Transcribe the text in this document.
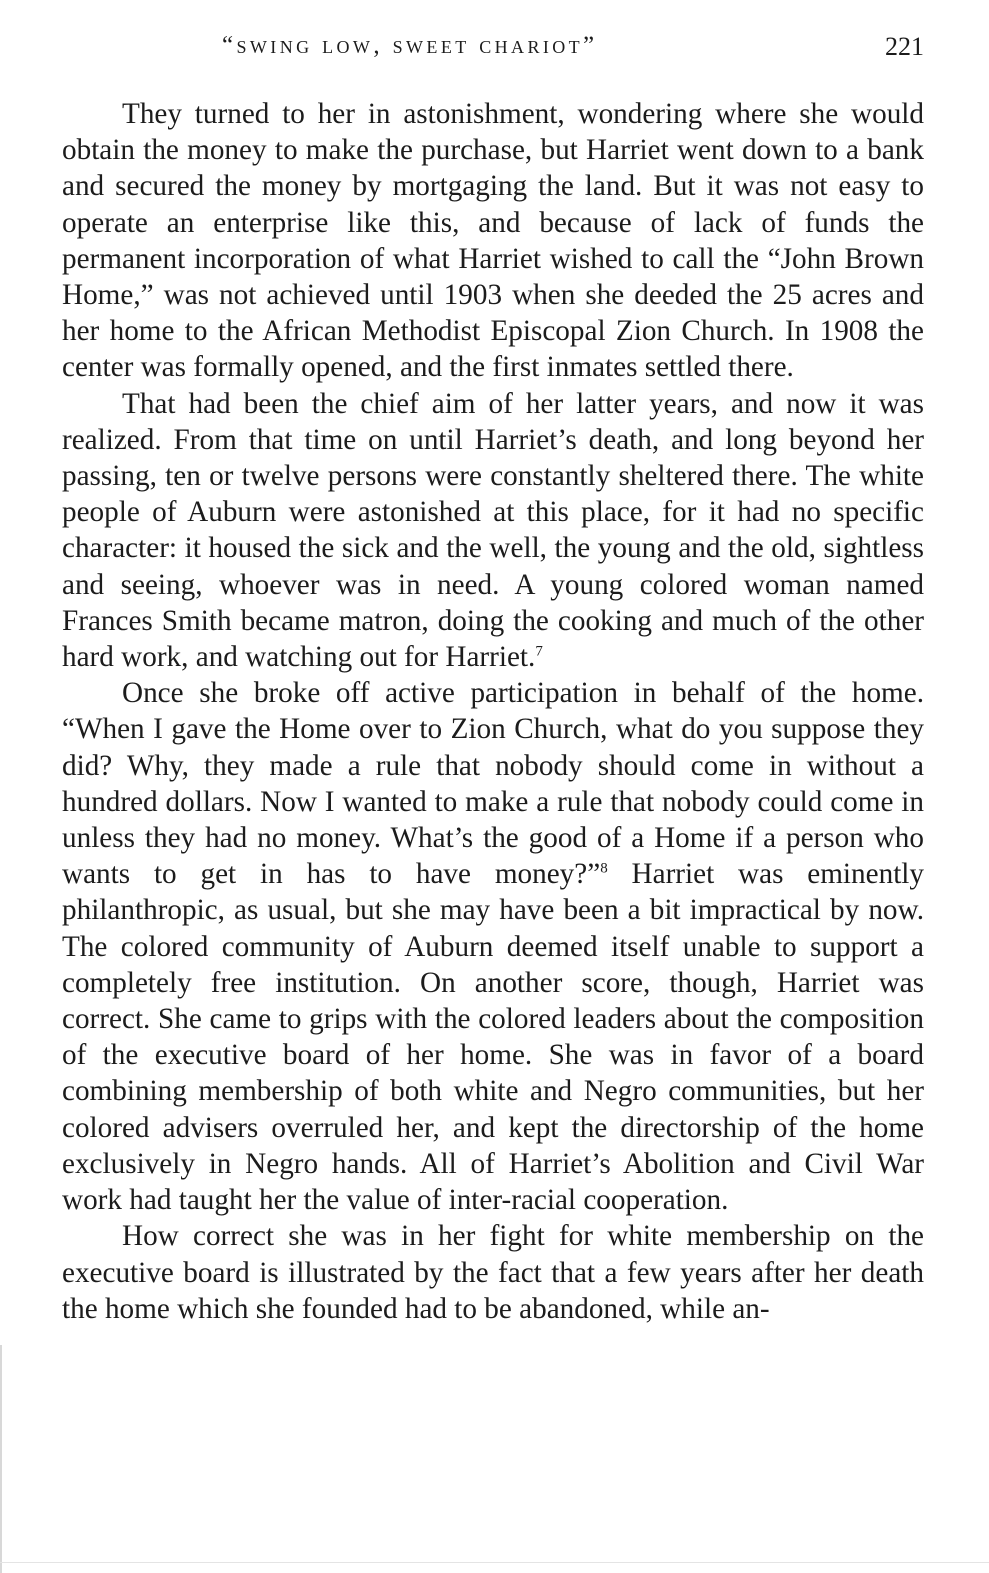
“swing low, sweet chariot”	221

They turned to her in astonishment, wondering where she would obtain the money to make the purchase, but Harriet went down to a bank and secured the money by mortgaging the land. But it was not easy to operate an enterprise like this, and because of lack of funds the permanent incorporation of what Harriet wished to call the “John Brown Home,” was not achieved until 1903 when she deeded the 25 acres and her home to the African Methodist Episcopal Zion Church. In 1908 the center was formally opened, and the first inmates settled there.

That had been the chief aim of her latter years, and now it was realized. From that time on until Harriet’s death, and long beyond her passing, ten or twelve persons were constantly sheltered there. The white people of Auburn were astonished at this place, for it had no specific character: it housed the sick and the well, the young and the old, sightless and seeing, whoever was in need. A young colored woman named Frances Smith became matron, doing the cooking and much of the other hard work, and watching out for Harriet.$^7$

Once she broke off active participation in behalf of the home. “When I gave the Home over to Zion Church, what do you suppose they did? Why, they made a rule that nobody should come in without a hundred dollars. Now I wanted to make a rule that nobody could come in unless they had no money. What’s the good of a Home if a person who wants to get in has to have money?”$^8$ Harriet was eminently philanthropic, as usual, but she may have been a bit impractical by now. The colored community of Auburn deemed itself unable to support a completely free institution. On another score, though, Harriet was correct. She came to grips with the colored leaders about the composition of the executive board of her home. She was in favor of a board combining membership of both white and Negro communities, but her colored advisers overruled her, and kept the directorship of the home exclusively in Negro hands. All of Harriet’s Abolition and Civil War work had taught her the value of inter-racial cooperation.

How correct she was in her fight for white membership on the executive board is illustrated by the fact that a few years after her death the home which she founded had to be abandoned, while an-
